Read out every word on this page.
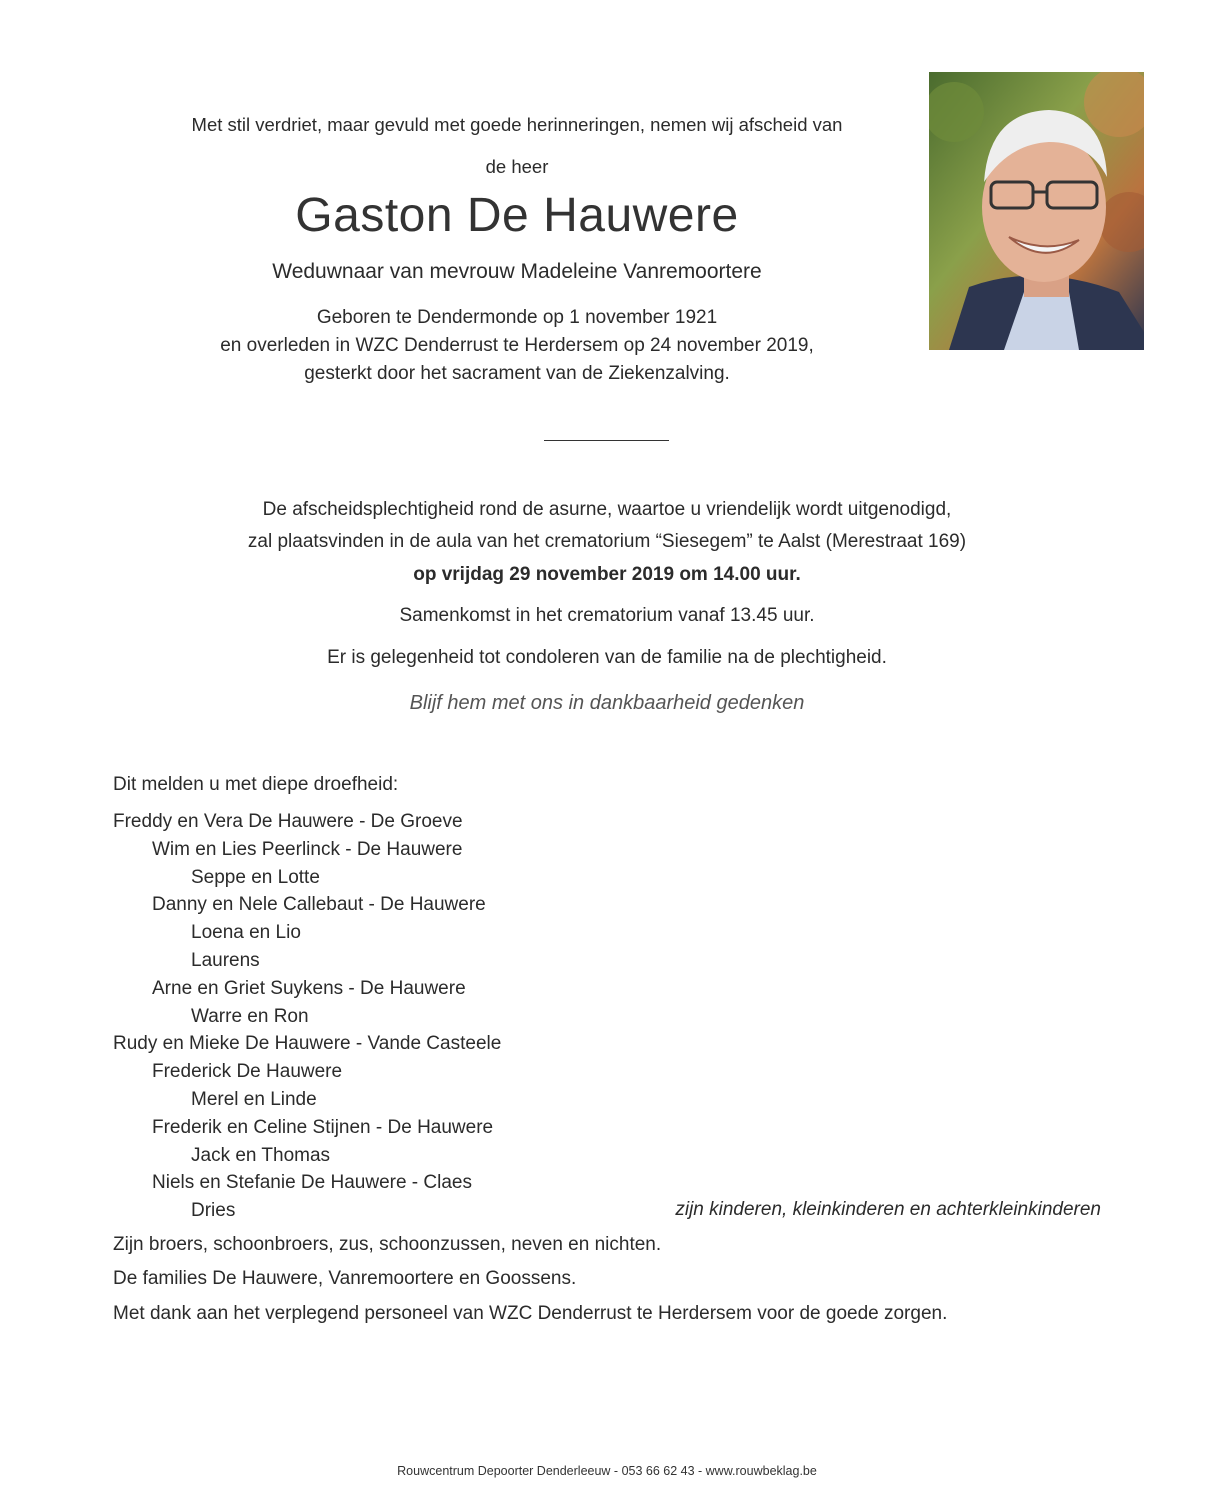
Met stil verdriet, maar gevuld met goede herinneringen, nemen wij afscheid van
de heer
Gaston De Hauwere
Weduwnaar van mevrouw Madeleine Vanremoortere
Geboren te Dendermonde op 1 november 1921
en overleden in WZC Denderrust te Herdersem op 24 november 2019,
gesterkt door het sacrament van de Ziekenzalving.
De afscheidsplechtigheid rond de asurne, waartoe u vriendelijk wordt uitgenodigd,
zal plaatsvinden in de aula van het crematorium “Siesegem” te Aalst (Merestraat 169)
op vrijdag 29 november 2019 om 14.00 uur.
Samenkomst in het crematorium vanaf 13.45 uur.
Er is gelegenheid tot condoleren van de familie na de plechtigheid.
Blijf hem met ons in dankbaarheid gedenken
Dit melden u met diepe droefheid:
Freddy en Vera De Hauwere - De Groeve
Wim en Lies Peerlinck - De Hauwere
Seppe en Lotte
Danny en Nele Callebaut - De Hauwere
Loena en Lio
Laurens
Arne en Griet Suykens - De Hauwere
Warre en Ron
Rudy en Mieke De Hauwere - Vande Casteele
Frederick De Hauwere
Merel en Linde
Frederik en Celine Stijnen - De Hauwere
Jack en Thomas
Niels en Stefanie De Hauwere - Claes
Dries	zijn kinderen, kleinkinderen en achterkleinkinderen
Zijn broers, schoonbroers, zus, schoonzussen, neven en nichten.
De families De Hauwere, Vanremoortere en Goossens.
Met dank aan het verplegend personeel van WZC Denderrust te Herdersem voor de goede zorgen.
Rouwcentrum Depoorter Denderleeuw - 053 66 62 43 - www.rouwbeklag.be
